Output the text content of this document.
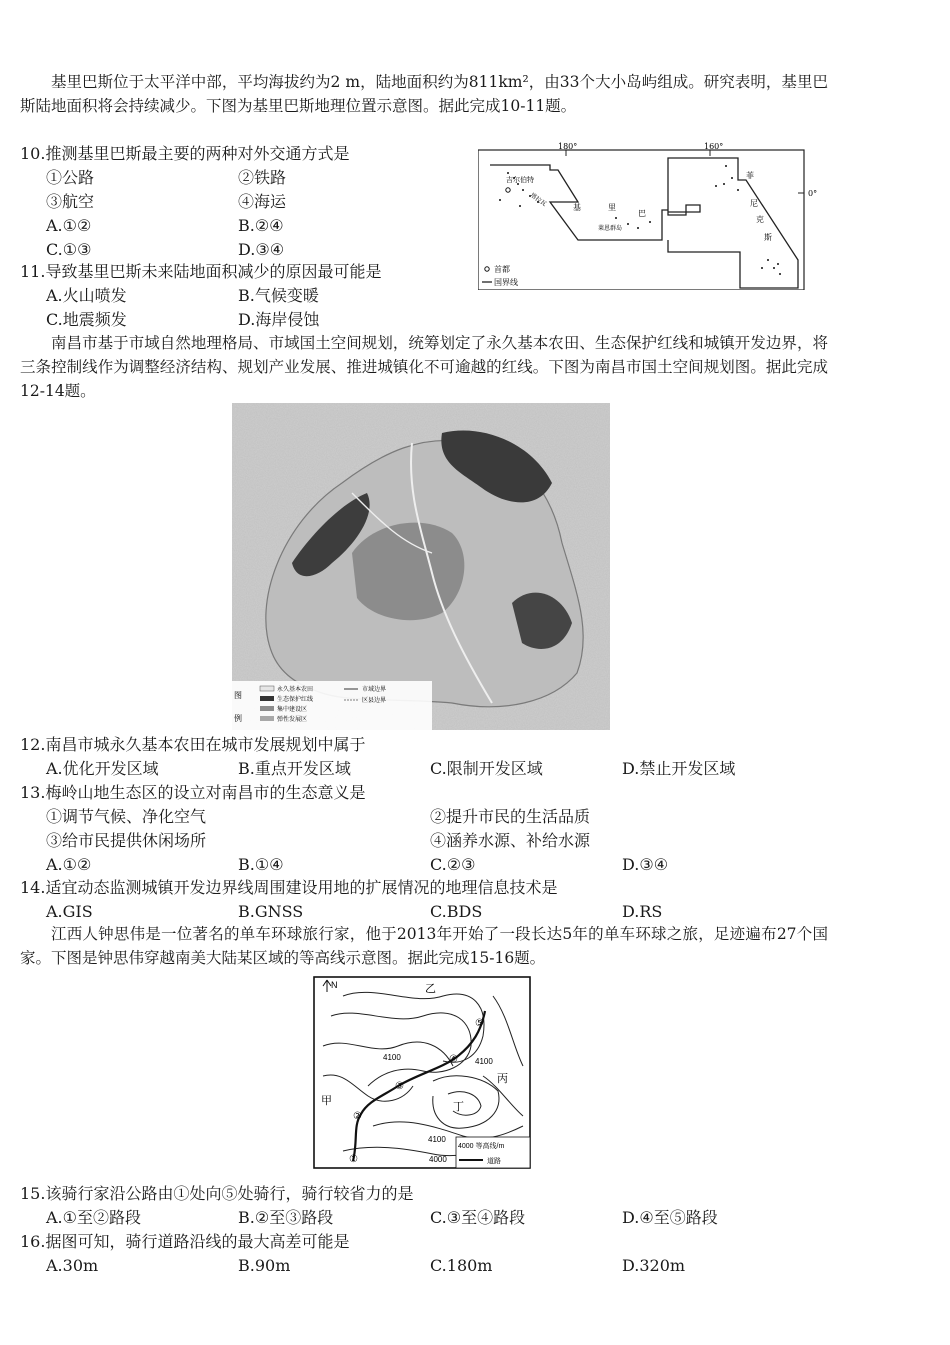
基里巴斯位于太平洋中部，平均海拔约为2 m，陆地面积约为811km²，由33个大小岛屿组成。研究表明，基里巴斯陆地面积将会持续减少。下图为基里巴斯地理位置示意图。据此完成10-11题。

180°	160°
0°
吉尔伯特
塔拉瓦	基	里
巴
莱恩群岛
菲
尼
克
斯
首都
国界线
10.推测基里巴斯最主要的两种对外交通方式是
①公路	②铁路
③航空	④海运
A.①②	B.②④
C.①③	D.③④
11.导致基里巴斯未来陆地面积减少的原因最可能是
A.火山喷发	B.气候变暖
C.地震频发	D.海岸侵蚀

南昌市基于市域自然地理格局、市域国土空间规划，统筹划定了永久基本农田、生态保护红线和城镇开发边界，将三条控制线作为调整经济结构、规划产业发展、推进城镇化不可逾越的红线。下图为南昌市国土空间规划图。据此完成12-14题。

图
例
永久基本农田
生态保护红线
集中建设区
弹性发展区
市域边界
区县边界
12.南昌市城永久基本农田在城市发展规划中属于
A.优化开发区域	B.重点开发区域	C.限制开发区域	D.禁止开发区域
13.梅岭山地生态区的设立对南昌市的生态意义是
①调节气候、净化空气	②提升市民的生活品质
③给市民提供休闲场所	④涵养水源、补给水源
A.①②	B.①④	C.②③	D.③④
14.适宜动态监测城镇开发边界线周围建设用地的扩展情况的地理信息技术是
A.GIS	B.GNSS	C.BDS	D.RS

江西人钟思伟是一位著名的单车环球旅行家，他于2013年开始了一段长达5年的单车环球之旅，足迹遍布27个国家。下图是钟思伟穿越南美大陆某区域的等高线示意图。据此完成15-16题。

N
①
②
③
④
⑤
乙
丙
甲	丁
4100	4100
4100
4000
4000 等高线/m
道路
15.该骑行家沿公路由①处向⑤处骑行，骑行较省力的是
A.①至②路段	B.②至③路段	C.③至④路段	D.④至⑤路段
16.据图可知，骑行道路沿线的最大高差可能是
A.30m	B.90m	C.180m	D.320m
